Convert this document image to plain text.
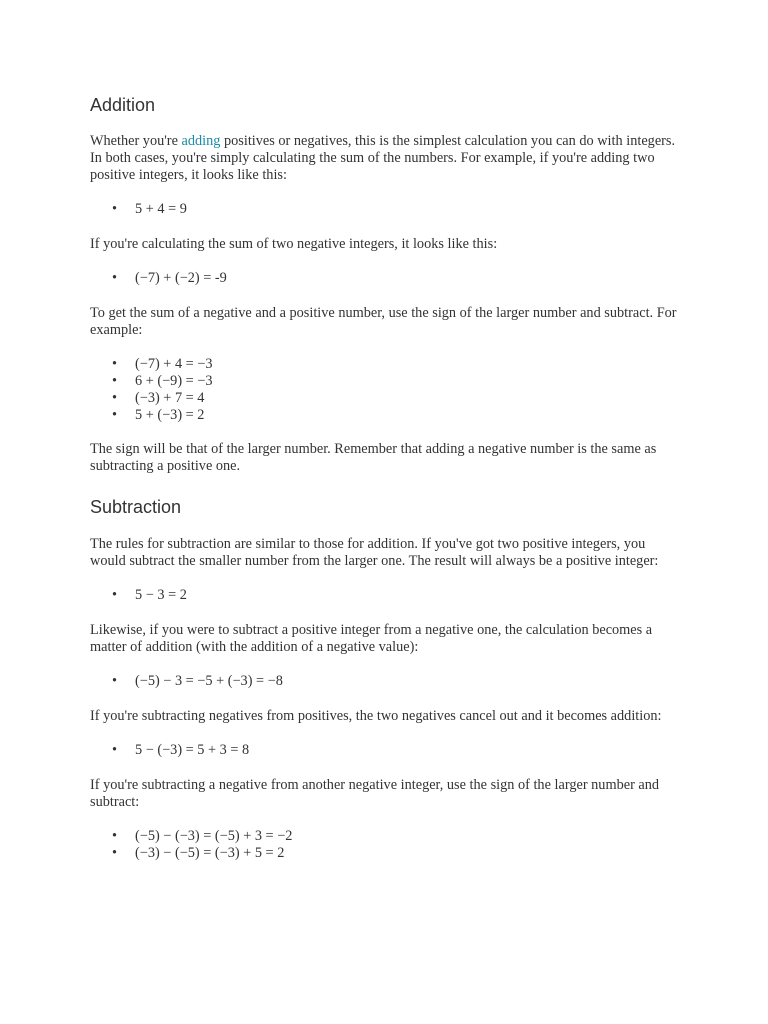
Addition

Whether you're adding positives or negatives, this is the simplest calculation you can do with integers. In both cases, you're simply calculating the sum of the numbers. For example, if you're adding two positive integers, it looks like this:

• 5 + 4 = 9

If you're calculating the sum of two negative integers, it looks like this:

• (−7) + (−2) = -9

To get the sum of a negative and a positive number, use the sign of the larger number and subtract. For example:

• (−7) + 4 = −3
• 6 + (−9) = −3
• (−3) + 7 = 4
• 5 + (−3) = 2

The sign will be that of the larger number. Remember that adding a negative number is the same as subtracting a positive one.

Subtraction

The rules for subtraction are similar to those for addition. If you've got two positive integers, you would subtract the smaller number from the larger one. The result will always be a positive integer:

• 5 − 3 = 2

Likewise, if you were to subtract a positive integer from a negative one, the calculation becomes a matter of addition (with the addition of a negative value):

• (−5) − 3 = −5 + (−3) = −8

If you're subtracting negatives from positives, the two negatives cancel out and it becomes addition:

• 5 − (−3) = 5 + 3 = 8

If you're subtracting a negative from another negative integer, use the sign of the larger number and subtract:

• (−5) − (−3) = (−5) + 3 = −2
• (−3) − (−5) = (−3) + 5 = 2
